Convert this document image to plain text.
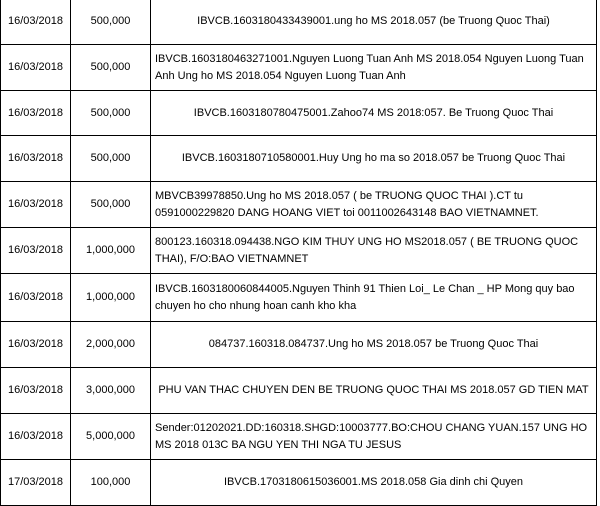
16/03/2018	500,000	IBVCB.1603180433439001.ung ho MS 2018.057 (be Truong Quoc Thai)
16/03/2018	500,000	IBVCB.1603180463271001.Nguyen Luong Tuan Anh MS 2018.054 Nguyen Luong Tuan Anh Ung ho MS 2018.054 Nguyen Luong Tuan Anh
16/03/2018	500,000	IBVCB.1603180780475001.Zahoo74 MS 2018:057. Be Truong Quoc Thai
16/03/2018	500,000	IBVCB.1603180710580001.Huy Ung ho ma so 2018.057 be Truong Quoc Thai
16/03/2018	500,000	MBVCB39978850.Ung ho MS 2018.057 ( be TRUONG QUOC THAI ).CT tu 0591000229820 DANG HOANG VIET toi 0011002643148 BAO VIETNAMNET.
16/03/2018	1,000,000	800123.160318.094438.NGO KIM THUY UNG HO MS2018.057 ( BE TRUONG QUOC THAI), F/O:BAO VIETNAMNET
16/03/2018	1,000,000	IBVCB.1603180060844005.Nguyen Thinh 91 Thien Loi_ Le Chan _ HP Mong quy bao chuyen ho cho nhung hoan canh kho kha
16/03/2018	2,000,000	084737.160318.084737.Ung ho MS 2018.057 be Truong Quoc Thai
16/03/2018	3,000,000	PHU VAN THAC CHUYEN DEN BE TRUONG QUOC THAI MS 2018.057 GD TIEN MAT
16/03/2018	5,000,000	Sender:01202021.DD:160318.SHGD:10003777.BO:CHOU CHANG YUAN.157 UNG HO MS 2018 013C BA NGU YEN THI NGA TU JESUS
17/03/2018	100,000	IBVCB.1703180615036001.MS 2018.058 Gia dinh chi Quyen
